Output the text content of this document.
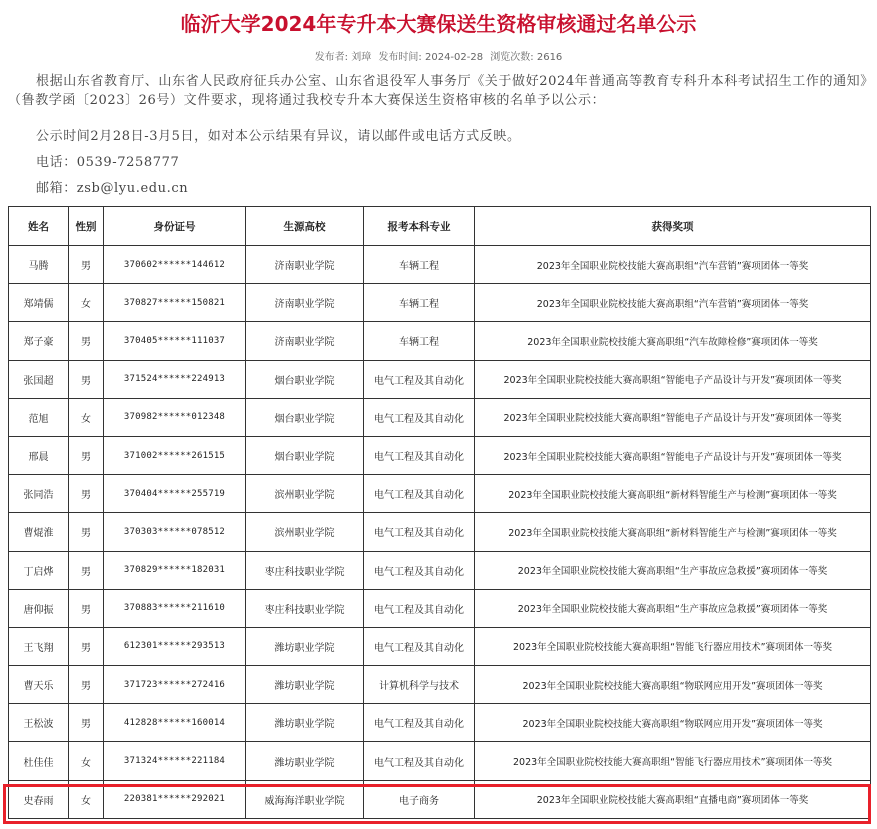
临沂大学2024年专升本大赛保送生资格审核通过名单公示
发布者: 刘璋 发布时间: 2024-02-28 浏览次数: 2616
根据山东省教育厅、山东省人民政府征兵办公室、山东省退役军人事务厅《关于做好2024年普通高等教育专科升本科考试招生工作的通知》（鲁教学函〔2023〕26号）文件要求，现将通过我校专升本大赛保送生资格审核的名单予以公示：
公示时间2月28日-3月5日，如对本公示结果有异议，请以邮件或电话方式反映。
电话：0539-7258777
邮箱：zsb@lyu.edu.cn
姓名	性别	身份证号	生源高校	报考本科专业	获得奖项
马腾	男	370602******144612	济南职业学院	车辆工程	2023年全国职业院校技能大赛高职组“汽车营销”赛项团体一等奖
郑靖儒	女	370827******150821	济南职业学院	车辆工程	2023年全国职业院校技能大赛高职组“汽车营销”赛项团体一等奖
郑子豪	男	370405******111037	济南职业学院	车辆工程	2023年全国职业院校技能大赛高职组“汽车故障检修”赛项团体一等奖
张国超	男	371524******224913	烟台职业学院	电气工程及其自动化	2023年全国职业院校技能大赛高职组“智能电子产品设计与开发”赛项团体一等奖
范旭	女	370982******012348	烟台职业学院	电气工程及其自动化	2023年全国职业院校技能大赛高职组“智能电子产品设计与开发”赛项团体一等奖
邢晨	男	371002******261515	烟台职业学院	电气工程及其自动化	2023年全国职业院校技能大赛高职组“智能电子产品设计与开发”赛项团体一等奖
张同浩	男	370404******255719	滨州职业学院	电气工程及其自动化	2023年全国职业院校技能大赛高职组“新材料智能生产与检测”赛项团体一等奖
曹焜淮	男	370303******078512	滨州职业学院	电气工程及其自动化	2023年全国职业院校技能大赛高职组“新材料智能生产与检测”赛项团体一等奖
丁启烨	男	370829******182031	枣庄科技职业学院	电气工程及其自动化	2023年全国职业院校技能大赛高职组“生产事故应急救援”赛项团体一等奖
唐仰振	男	370883******211610	枣庄科技职业学院	电气工程及其自动化	2023年全国职业院校技能大赛高职组“生产事故应急救援”赛项团体一等奖
王飞翔	男	612301******293513	潍坊职业学院	电气工程及其自动化	2023年全国职业院校技能大赛高职组“智能飞行器应用技术”赛项团体一等奖
曹天乐	男	371723******272416	潍坊职业学院	计算机科学与技术	2023年全国职业院校技能大赛高职组“物联网应用开发”赛项团体一等奖
王松波	男	412828******160014	潍坊职业学院	电气工程及其自动化	2023年全国职业院校技能大赛高职组“物联网应用开发”赛项团体一等奖
杜佳佳	女	371324******221184	潍坊职业学院	电气工程及其自动化	2023年全国职业院校技能大赛高职组“智能飞行器应用技术”赛项团体一等奖
史春雨	女	220381******292021	威海海洋职业学院	电子商务	2023年全国职业院校技能大赛高职组“直播电商”赛项团体一等奖
